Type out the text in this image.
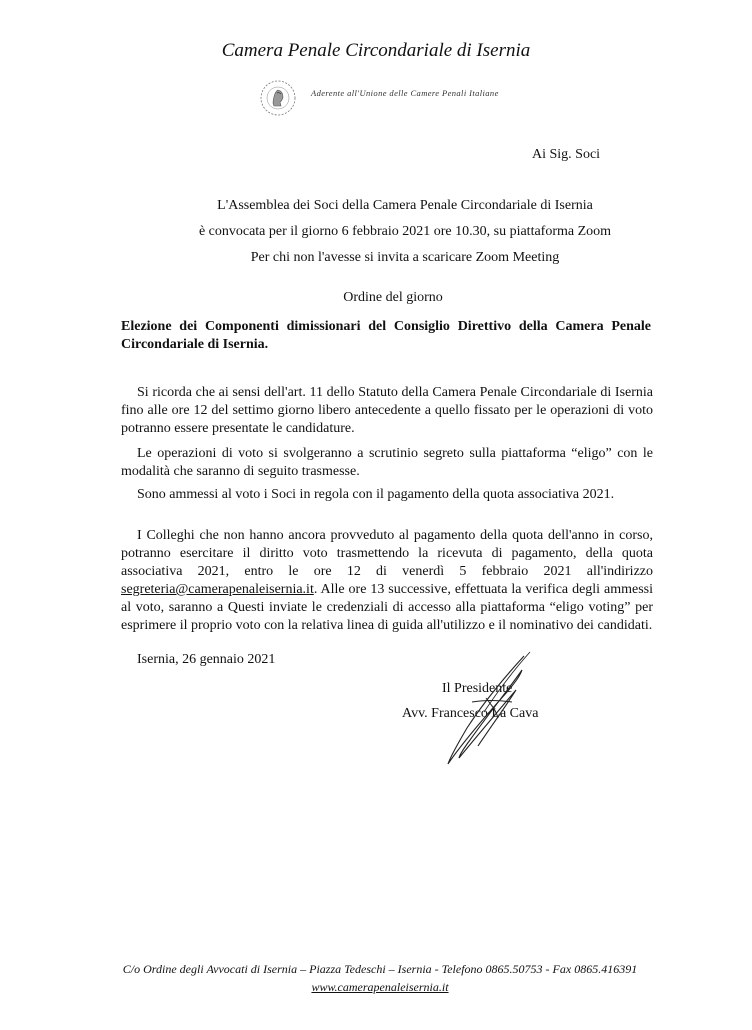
Camera Penale Circondariale di Isernia
Aderente all'Unione delle Camere Penali Italiane
Ai Sig. Soci
L'Assemblea dei Soci della Camera Penale Circondariale di Isernia
è convocata per il giorno 6 febbraio 2021 ore 10.30, su piattaforma Zoom
Per chi non l'avesse si invita a scaricare Zoom Meeting
Ordine del giorno
Elezione dei Componenti dimissionari del Consiglio Direttivo della Camera Penale Circondariale di Isernia.

Si ricorda che ai sensi dell'art. 11 dello Statuto della Camera Penale Circondariale di Isernia fino alle ore 12 del settimo giorno libero antecedente a quello fissato per le operazioni di voto potranno essere presentate le candidature.

Le operazioni di voto si svolgeranno a scrutinio segreto sulla piattaforma “eligo” con le modalità che saranno di seguito trasmesse.

Sono ammessi al voto i Soci in regola con il pagamento della quota associativa 2021.

I Colleghi che non hanno ancora provveduto al pagamento della quota dell'anno in corso, potranno esercitare il diritto voto trasmettendo la ricevuta di pagamento, della quota associativa 2021, entro le ore 12 di venerdì 5 febbraio 2021 all'indirizzo segreteria@camerapenaleisernia.it. Alle ore 13 successive, effettuata la verifica degli ammessi al voto, saranno a Questi inviate le credenziali di accesso alla piattaforma “eligo voting” per esprimere il proprio voto con la relativa linea di guida all'utilizzo e il nominativo dei candidati.

Isernia, 26 gennaio 2021
Il Presidente
Avv. Francesco La Cava
C/o Ordine degli Avvocati di Isernia – Piazza Tedeschi – Isernia - Telefono 0865.50753 - Fax 0865.416391
www.camerapenaleisernia.it
